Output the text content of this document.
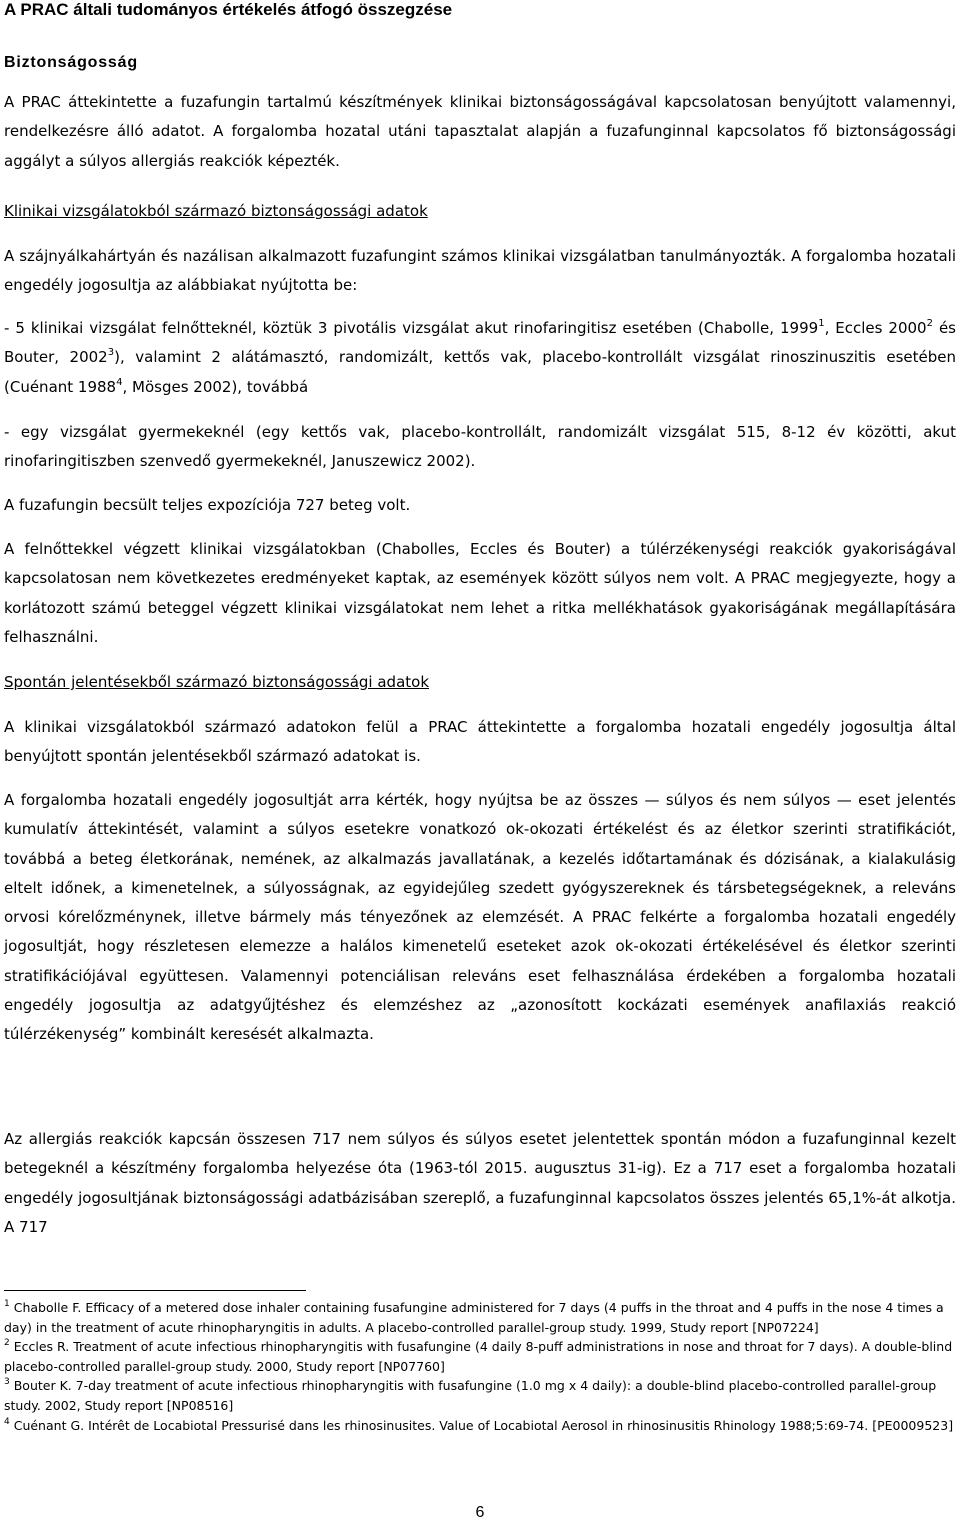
A PRAC általi tudományos értékelés átfogó összegzése
Biztonságosság

A PRAC áttekintette a fuzafungin tartalmú készítmények klinikai biztonságosságával kapcsolatosan benyújtott valamennyi, rendelkezésre álló adatot. A forgalomba hozatal utáni tapasztalat alapján a fuzafunginnal kapcsolatos fő biztonságossági aggályt a súlyos allergiás reakciók képezték.

Klinikai vizsgálatokból származó biztonságossági adatok

A szájnyálkahártyán és nazálisan alkalmazott fuzafungint számos klinikai vizsgálatban tanulmányozták. A forgalomba hozatali engedély jogosultja az alábbiakat nyújtotta be:

- 5 klinikai vizsgálat felnőtteknél, köztük 3 pivotális vizsgálat akut rinofaringitisz esetében (Chabolle, 1999$^1$, Eccles 2000$^2$ és Bouter, 2002$^3$), valamint 2 alátámasztó, randomizált, kettős vak, placebo-kontrollált vizsgálat rinoszinuszitis esetében (Cuénant 1988$^4$, Mösges 2002), továbbá

- egy vizsgálat gyermekeknél (egy kettős vak, placebo-kontrollált, randomizált vizsgálat 515, 8-12 év közötti, akut rinofaringitiszben szenvedő gyermekeknél, Januszewicz 2002).

A fuzafungin becsült teljes expozíciója 727 beteg volt.

A felnőttekkel végzett klinikai vizsgálatokban (Chabolles, Eccles és Bouter) a túlérzékenységi reakciók gyakoriságával kapcsolatosan nem következetes eredményeket kaptak, az események között súlyos nem volt. A PRAC megjegyezte, hogy a korlátozott számú beteggel végzett klinikai vizsgálatokat nem lehet a ritka mellékhatások gyakoriságának megállapítására felhasználni.

Spontán jelentésekből származó biztonságossági adatok

A klinikai vizsgálatokból származó adatokon felül a PRAC áttekintette a forgalomba hozatali engedély jogosultja által benyújtott spontán jelentésekből származó adatokat is.

A forgalomba hozatali engedély jogosultját arra kérték, hogy nyújtsa be az összes — súlyos és nem súlyos — eset jelentés kumulatív áttekintését, valamint a súlyos esetekre vonatkozó ok-okozati értékelést és az életkor szerinti stratifikációt, továbbá a beteg életkorának, nemének, az alkalmazás javallatának, a kezelés időtartamának és dózisának, a kialakulásig eltelt időnek, a kimenetelnek, a súlyosságnak, az egyidejűleg szedett gyógyszereknek és társbetegségeknek, a releváns orvosi kórelőzménynek, illetve bármely más tényezőnek az elemzését. A PRAC felkérte a forgalomba hozatali engedély jogosultját, hogy részletesen elemezze a halálos kimenetelű eseteket azok ok-okozati értékelésével és életkor szerinti stratifikációjával együttesen. Valamennyi potenciálisan releváns eset felhasználása érdekében a forgalomba hozatali engedély jogosultja az adatgyűjtéshez és elemzéshez az „azonosított kockázati események anafilaxiás reakció túlérzékenység” kombinált keresését alkalmazta.

Az allergiás reakciók kapcsán összesen 717 nem súlyos és súlyos esetet jelentettek spontán módon a fuzafunginnal kezelt betegeknél a készítmény forgalomba helyezése óta (1963-tól 2015. augusztus 31-ig). Ez a 717 eset a forgalomba hozatali engedély jogosultjának biztonságossági adatbázisában szereplő, a fuzafunginnal kapcsolatos összes jelentés 65,1%-át alkotja. A 717

$^1$ Chabolle F. Efficacy of a metered dose inhaler containing fusafungine administered for 7 days (4 puffs in the throat and 4 puffs in the nose 4 times a day) in the treatment of acute rhinopharyngitis in adults. A placebo-controlled parallel-group study. 1999, Study report [NP07224]
$^2$ Eccles R. Treatment of acute infectious rhinopharyngitis with fusafungine (4 daily 8-puff administrations in nose and throat for 7 days). A double-blind placebo-controlled parallel-group study. 2000, Study report [NP07760]
$^3$ Bouter K. 7-day treatment of acute infectious rhinopharyngitis with fusafungine (1.0 mg x 4 daily): a double-blind placebo-controlled parallel-group study. 2002, Study report [NP08516]
$^4$ Cuénant G. Intérêt de Locabiotal Pressurisé dans les rhinosinusites. Value of Locabiotal Aerosol in rhinosinusitis Rhinology 1988;5:69-74. [PE0009523]
6
